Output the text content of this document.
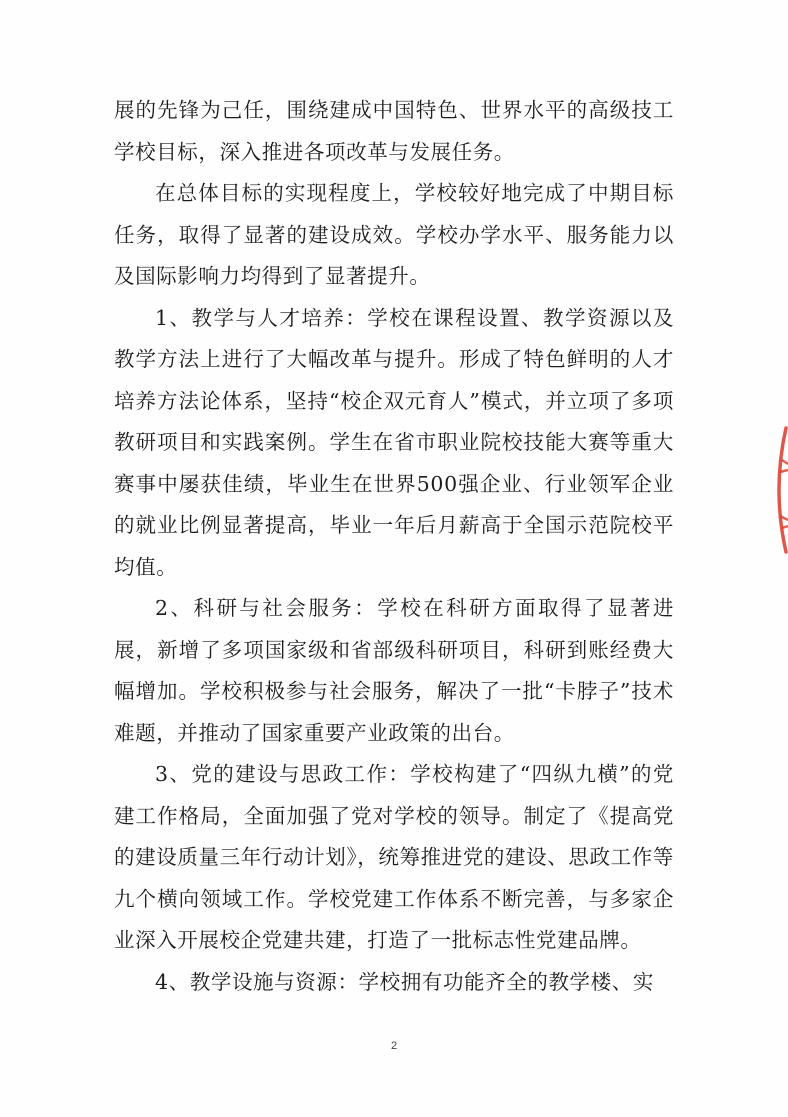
展的先锋为己任，围绕建成中国特色、世界水平的高级技工学校目标，深入推进各项改革与发展任务。

在总体目标的实现程度上，学校较好地完成了中期目标任务，取得了显著的建设成效。学校办学水平、服务能力以及国际影响力均得到了显著提升。

1、教学与人才培养：学校在课程设置、教学资源以及教学方法上进行了大幅改革与提升。形成了特色鲜明的人才培养方法论体系，坚持“校企双元育人”模式，并立项了多项教研项目和实践案例。学生在省市职业院校技能大赛等重大赛事中屡获佳绩，毕业生在世界500强企业、行业领军企业的就业比例显著提高，毕业一年后月薪高于全国示范院校平均值。

2、科研与社会服务：学校在科研方面取得了显著进展，新增了多项国家级和省部级科研项目，科研到账经费大幅增加。学校积极参与社会服务，解决了一批“卡脖子”技术难题，并推动了国家重要产业政策的出台。

3、党的建设与思政工作：学校构建了“四纵九横”的党建工作格局，全面加强了党对学校的领导。制定了《提高党的建设质量三年行动计划》，统筹推进党的建设、思政工作等九个横向领域工作。学校党建工作体系不断完善，与多家企业深入开展校企党建共建，打造了一批标志性党建品牌。

4、教学设施与资源：学校拥有功能齐全的教学楼、实

2
